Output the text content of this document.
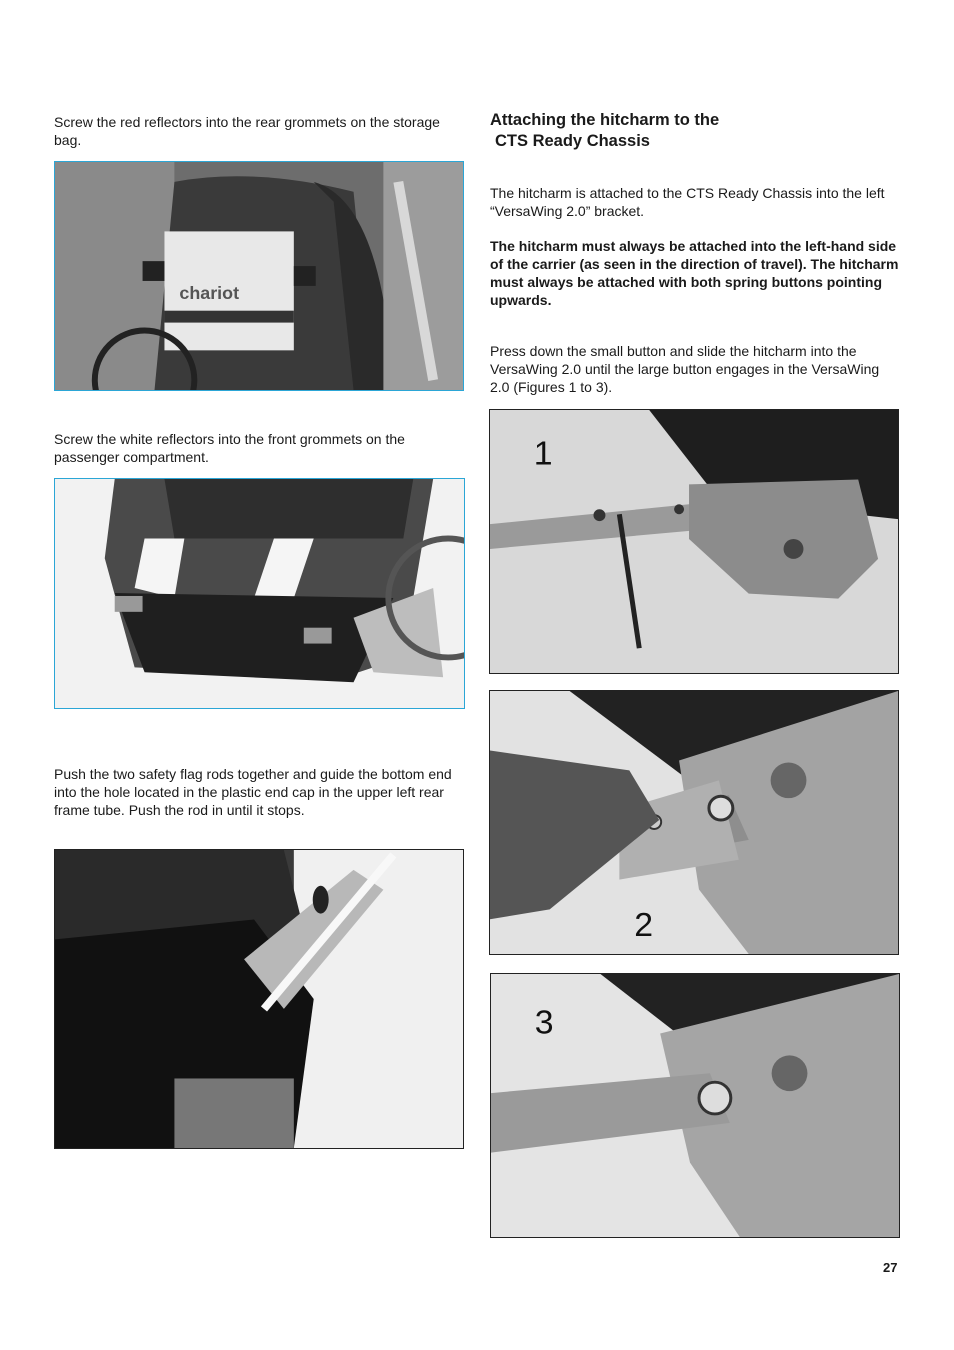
Screw the red reflectors into the rear grommets on the storage bag.

chariot

Screw the white reflectors into the front grommets on the passenger compartment.

Push the two safety flag rods together and guide the bottom end into the hole located in the plastic end cap in the upper left rear frame tube. Push the rod in until it stops.

Attaching the hitcharm to the
CTS Ready Chassis

The hitcharm is attached to the CTS Ready Chassis into the left “VersaWing 2.0” bracket.

The hitcharm must always be attached into the left-hand side of the carrier (as seen in the direction of travel). The hitcharm must always be attached with both spring buttons pointing upwards.

Press down the small button and slide the hitcharm into the VersaWing 2.0 until the large button engages in the VersaWing 2.0 (Figures 1 to 3).

1
2
3
27
